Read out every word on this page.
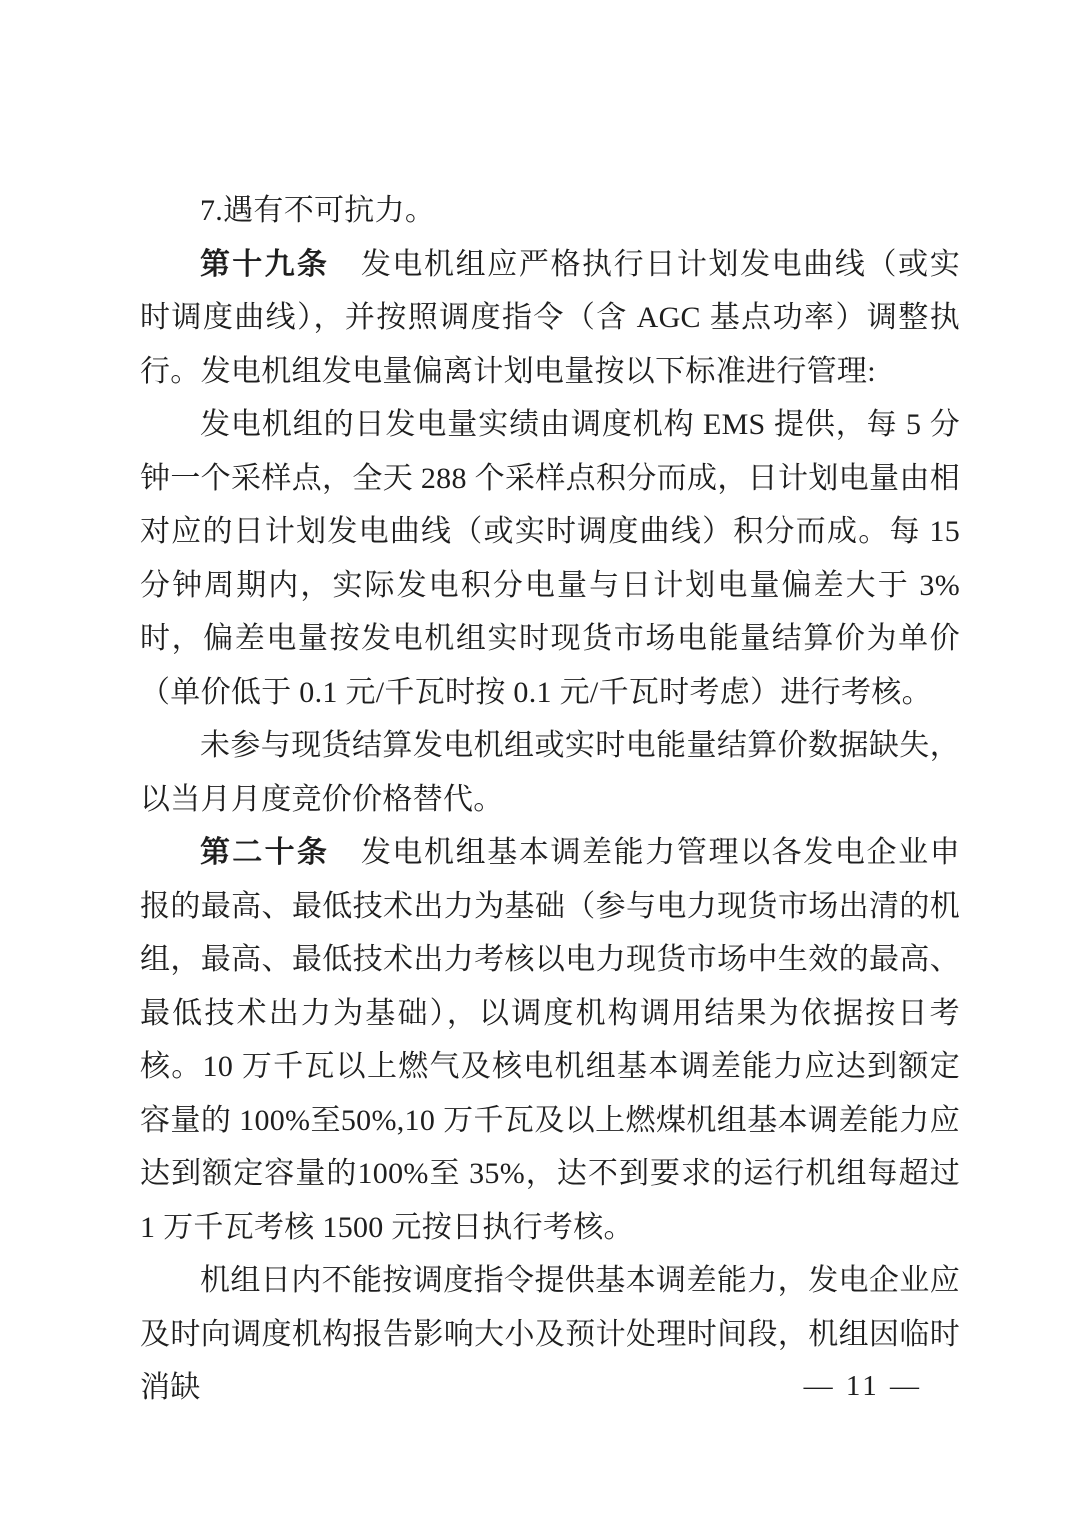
7.遇有不可抗力。

第十九条　发电机组应严格执行日计划发电曲线（或实时调度曲线），并按照调度指令（含 AGC 基点功率）调整执行。发电机组发电量偏离计划电量按以下标准进行管理:

发电机组的日发电量实绩由调度机构 EMS 提供，每 5 分钟一个采样点，全天 288 个采样点积分而成，日计划电量由相对应的日计划发电曲线（或实时调度曲线）积分而成。每 15 分钟周期内，实际发电积分电量与日计划电量偏差大于 3%时，偏差电量按发电机组实时现货市场电能量结算价为单价（单价低于 0.1 元/千瓦时按 0.1 元/千瓦时考虑）进行考核。

未参与现货结算发电机组或实时电能量结算价数据缺失，以当月月度竞价价格替代。

第二十条　发电机组基本调差能力管理以各发电企业申报的最高、最低技术出力为基础（参与电力现货市场出清的机组，最高、最低技术出力考核以电力现货市场中生效的最高、最低技术出力为基础），以调度机构调用结果为依据按日考核。10 万千瓦以上燃气及核电机组基本调差能力应达到额定容量的 100%至50%,10 万千瓦及以上燃煤机组基本调差能力应达到额定容量的100%至 35%，达不到要求的运行机组每超过 1 万千瓦考核 1500 元按日执行考核。

机组日内不能按调度指令提供基本调差能力，发电企业应及时向调度机构报告影响大小及预计处理时间段，机组因临时消缺	— 11 —
